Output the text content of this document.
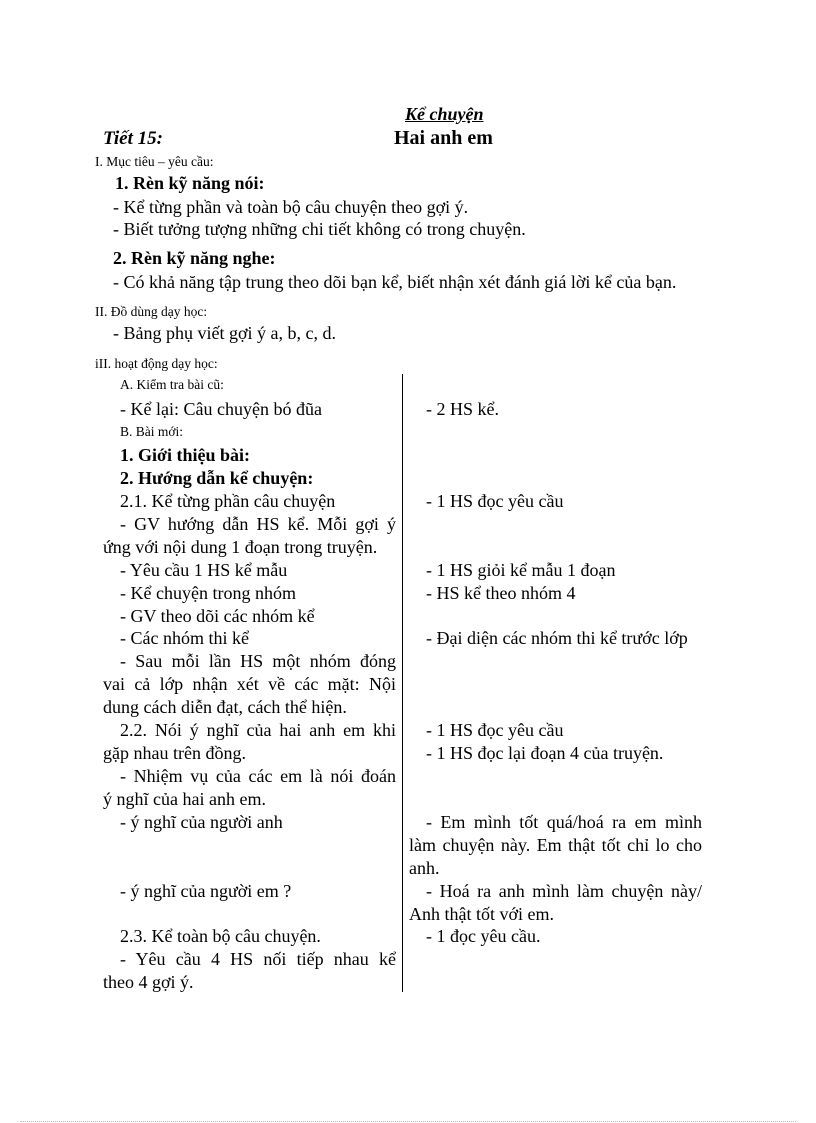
Kể chuyện
Tiết 15:	Hai anh em
I. Mục tiêu – yêu cầu:
1. Rèn kỹ năng nói:
- Kể từng phần và toàn bộ câu chuyện theo gợi ý.
- Biết tưởng tượng những chi tiết không có trong chuyện.
2. Rèn kỹ năng nghe:
- Có khả năng tập trung theo dõi bạn kể, biết nhận xét đánh giá lời kể của bạn.
II. Đồ dùng dạy học:
- Bảng phụ viết gợi ý a, b, c, d.
iII. hoạt động dạy học:
A. Kiểm tra bài cũ:
- Kể lại: Câu chuyện bó đũa
B. Bài mới:
1. Giới thiệu bài:
2. Hướng dẫn kể chuyện:
2.1. Kể từng phần câu chuyện
- GV hướng dẫn HS kể. Mỗi gợi ý
ứng với nội dung 1 đoạn trong truyện.
- Yêu cầu 1 HS kể mẫu
- Kể chuyện trong nhóm
- GV theo dõi các nhóm kể
- Các nhóm thi kể
- Sau mỗi lần HS một nhóm đóng
vai cả lớp nhận xét về các mặt: Nội
dung cách diễn đạt, cách thể hiện.
2.2. Nói ý nghĩ của hai anh em khi
gặp nhau trên đồng.
- Nhiệm vụ của các em là nói đoán
ý nghĩ của hai anh em.
- ý nghĩ của người anh
- ý nghĩ của người em ?
2.3. Kể toàn bộ câu chuyện.
- Yêu cầu 4 HS nối tiếp nhau kể
theo 4 gợi ý.
- 2 HS kể.
- 1 HS đọc yêu cầu
- 1 HS giỏi kể mẫu 1 đoạn
- HS kể theo nhóm 4
- Đại diện các nhóm thi kể trước lớp
- 1 HS đọc yêu cầu
- 1 HS đọc lại đoạn 4 của truyện.
- Em mình tốt quá/hoá ra em mình
làm chuyện này. Em thật tốt chỉ lo cho
anh.
- Hoá ra anh mình làm chuyện này/
Anh thật tốt với em.
- 1 đọc yêu cầu.
